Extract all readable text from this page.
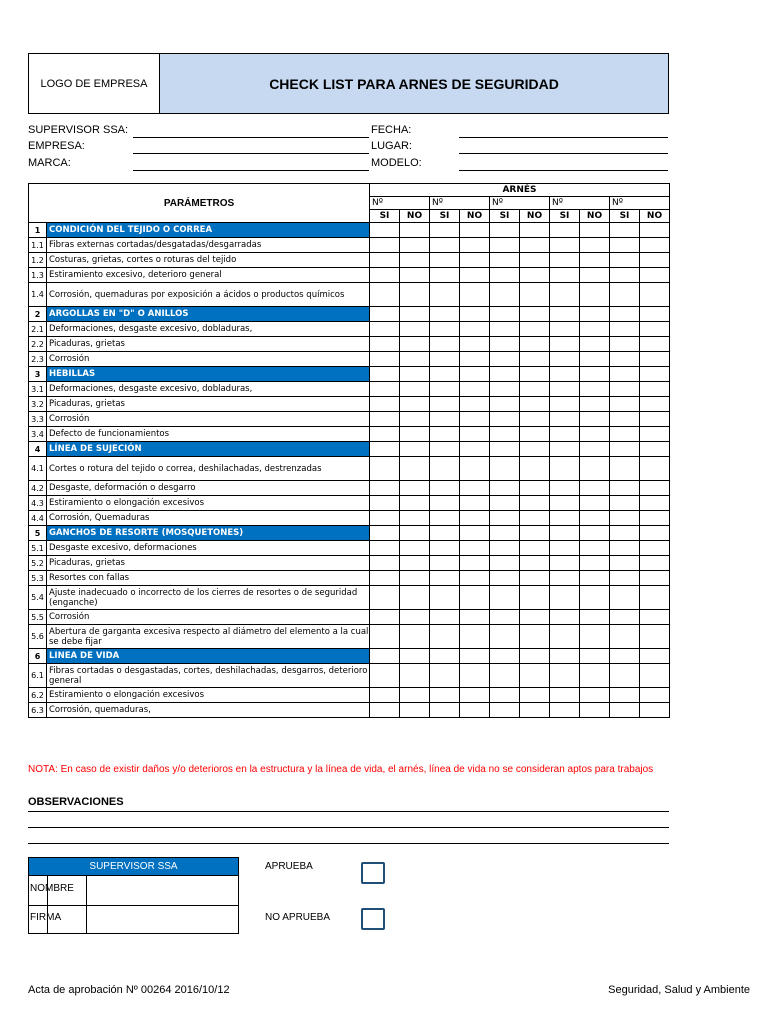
LOGO DE EMPRESA	CHECK LIST PARA ARNES DE SEGURIDAD
SUPERVISOR SSA:
EMPRESA:
MARCA:
FECHA:
LUGAR:
MODELO:
PARÁMETROS		ARNÉS									
		Nº		Nº		Nº		Nº		Nº	
		SI	NO	SI	NO	SI	NO	SI	NO	SI	NO
1	CONDICIÓN DEL TEJIDO O CORREA										
1.1	Fibras externas cortadas/desgatadas/desgarradas										
1.2	Costuras, grietas, cortes o roturas del tejido										
1.3	Estiramiento excesivo, deterioro general										
1.4	Corrosión, quemaduras por exposición a ácidos o productos químicos										
2	ARGOLLAS EN "D" O ANILLOS										
2.1	Deformaciones, desgaste excesivo, dobladuras,										
2.2	Picaduras, grietas										
2.3	Corrosión										
3	HEBILLAS										
3.1	Deformaciones, desgaste excesivo, dobladuras,										
3.2	Picaduras, grietas										
3.3	Corrosión										
3.4	Defecto de funcionamientos										
4	LÍNEA DE SUJECIÓN										
4.1	Cortes o rotura del tejido o correa, deshilachadas, destrenzadas										
4.2	Desgaste, deformación o desgarro										
4.3	Estiramiento o elongación excesivos										
4.4	Corrosión, Quemaduras										
5	GANCHOS DE RESORTE (MOSQUETONES)										
5.1	Desgaste excesivo, deformaciones										
5.2	Picaduras, grietas										
5.3	Resortes con fallas										
5.4	Ajuste inadecuado o incorrecto de los cierres de resortes o de seguridad (enganche)										
5.5	Corrosión										
5.6	Abertura de garganta excesiva respecto al diámetro del elemento a la cual se debe fijar										
6	LINEA DE VIDA										
6.1	Fibras cortadas o desgastadas, cortes, deshilachadas, desgarros, deterioro general										
6.2	Estiramiento o elongación excesivos										
6.3	Corrosión, quemaduras,										
NOTA: En caso de existir daños y/o deterioros en la estructura y la línea de vida, el arnés, línea de vida no se consideran aptos para trabajos
OBSERVACIONES
SUPERVISOR SSA
NOMBRE
FIRMA
APRUEBA
NO APRUEBA
Acta de aprobación Nº 00264 2016/10/12	Seguridad, Salud y Ambiente
